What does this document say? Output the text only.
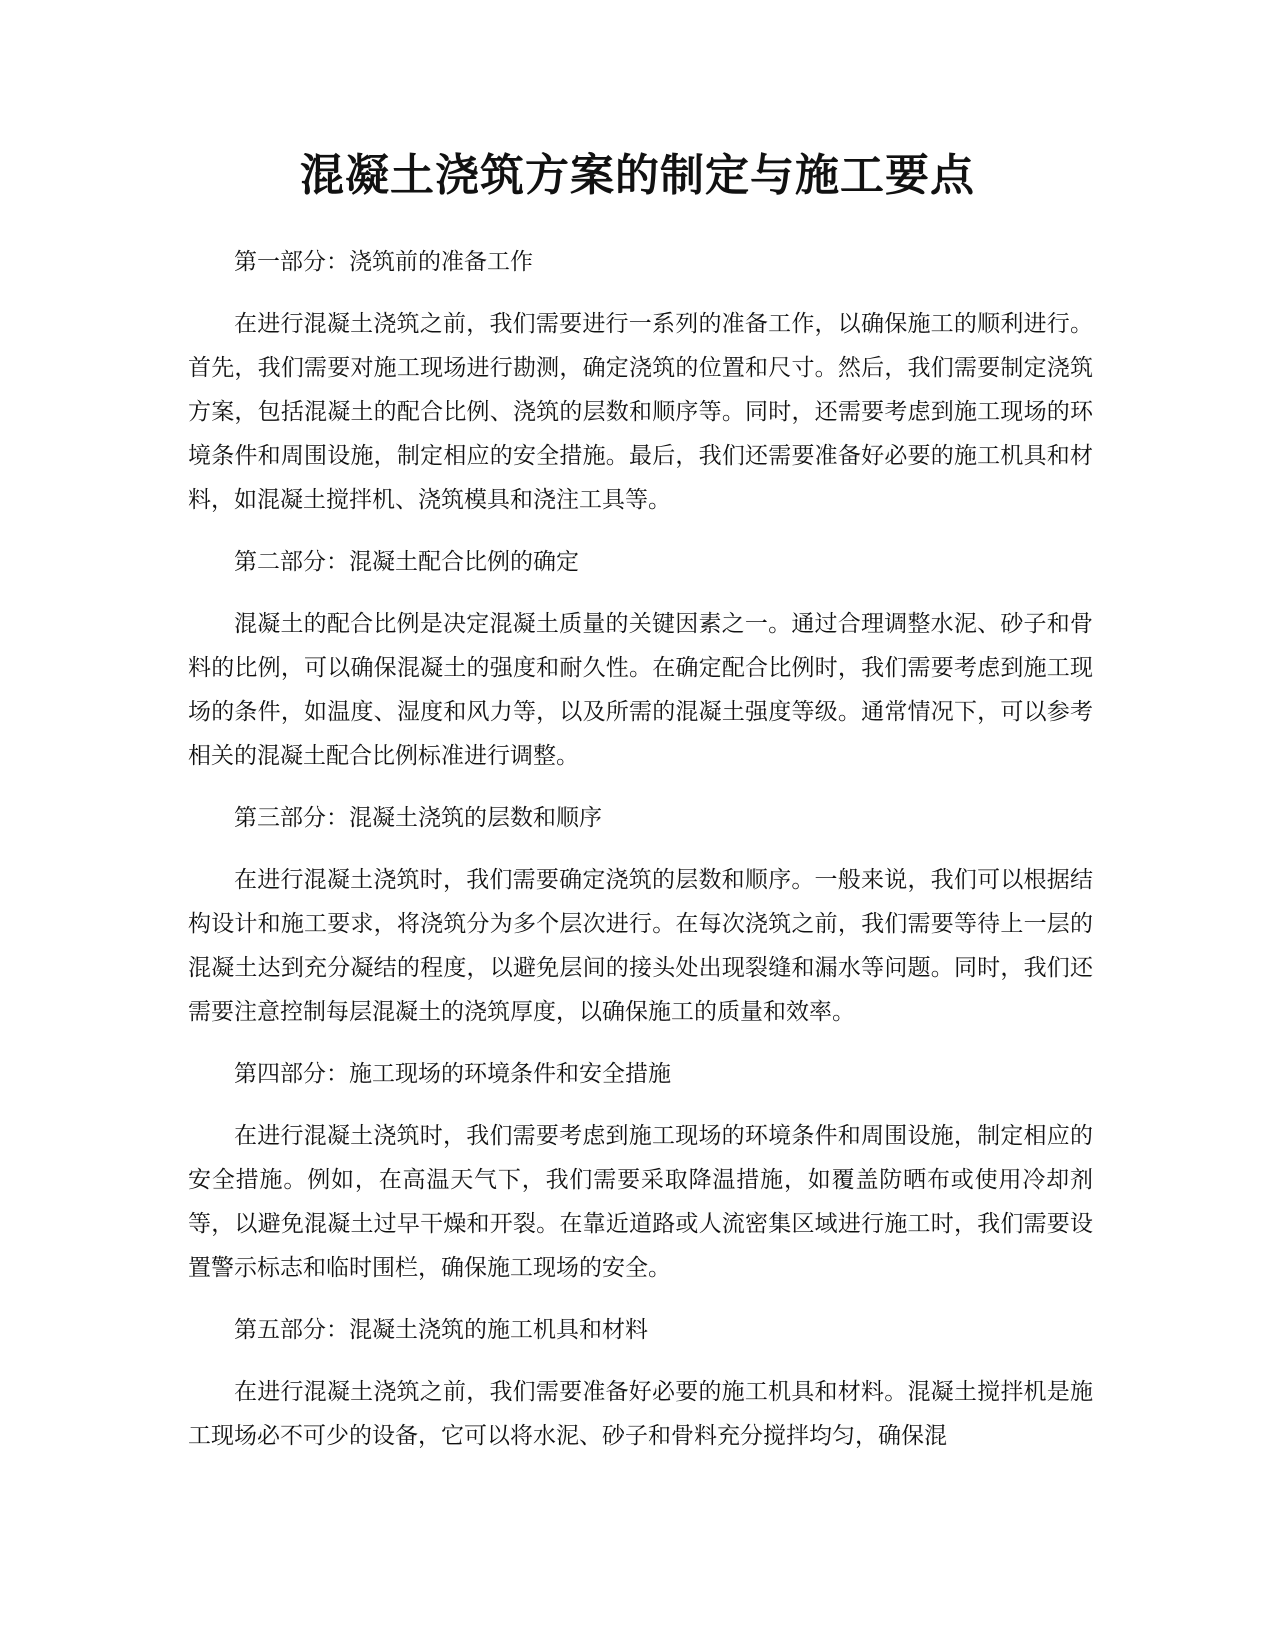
混凝土浇筑方案的制定与施工要点

第一部分：浇筑前的准备工作

在进行混凝土浇筑之前，我们需要进行一系列的准备工作，以确保施工的顺利进行。首先，我们需要对施工现场进行勘测，确定浇筑的位置和尺寸。然后，我们需要制定浇筑方案，包括混凝土的配合比例、浇筑的层数和顺序等。同时，还需要考虑到施工现场的环境条件和周围设施，制定相应的安全措施。最后，我们还需要准备好必要的施工机具和材料，如混凝土搅拌机、浇筑模具和浇注工具等。

第二部分：混凝土配合比例的确定

混凝土的配合比例是决定混凝土质量的关键因素之一。通过合理调整水泥、砂子和骨料的比例，可以确保混凝土的强度和耐久性。在确定配合比例时，我们需要考虑到施工现场的条件，如温度、湿度和风力等，以及所需的混凝土强度等级。通常情况下，可以参考相关的混凝土配合比例标准进行调整。

第三部分：混凝土浇筑的层数和顺序

在进行混凝土浇筑时，我们需要确定浇筑的层数和顺序。一般来说，我们可以根据结构设计和施工要求，将浇筑分为多个层次进行。在每次浇筑之前，我们需要等待上一层的混凝土达到充分凝结的程度，以避免层间的接头处出现裂缝和漏水等问题。同时，我们还需要注意控制每层混凝土的浇筑厚度，以确保施工的质量和效率。

第四部分：施工现场的环境条件和安全措施

在进行混凝土浇筑时，我们需要考虑到施工现场的环境条件和周围设施，制定相应的安全措施。例如，在高温天气下，我们需要采取降温措施，如覆盖防晒布或使用冷却剂等，以避免混凝土过早干燥和开裂。在靠近道路或人流密集区域进行施工时，我们需要设置警示标志和临时围栏，确保施工现场的安全。

第五部分：混凝土浇筑的施工机具和材料

在进行混凝土浇筑之前，我们需要准备好必要的施工机具和材料。混凝土搅拌机是施工现场必不可少的设备，它可以将水泥、砂子和骨料充分搅拌均匀，确保混
